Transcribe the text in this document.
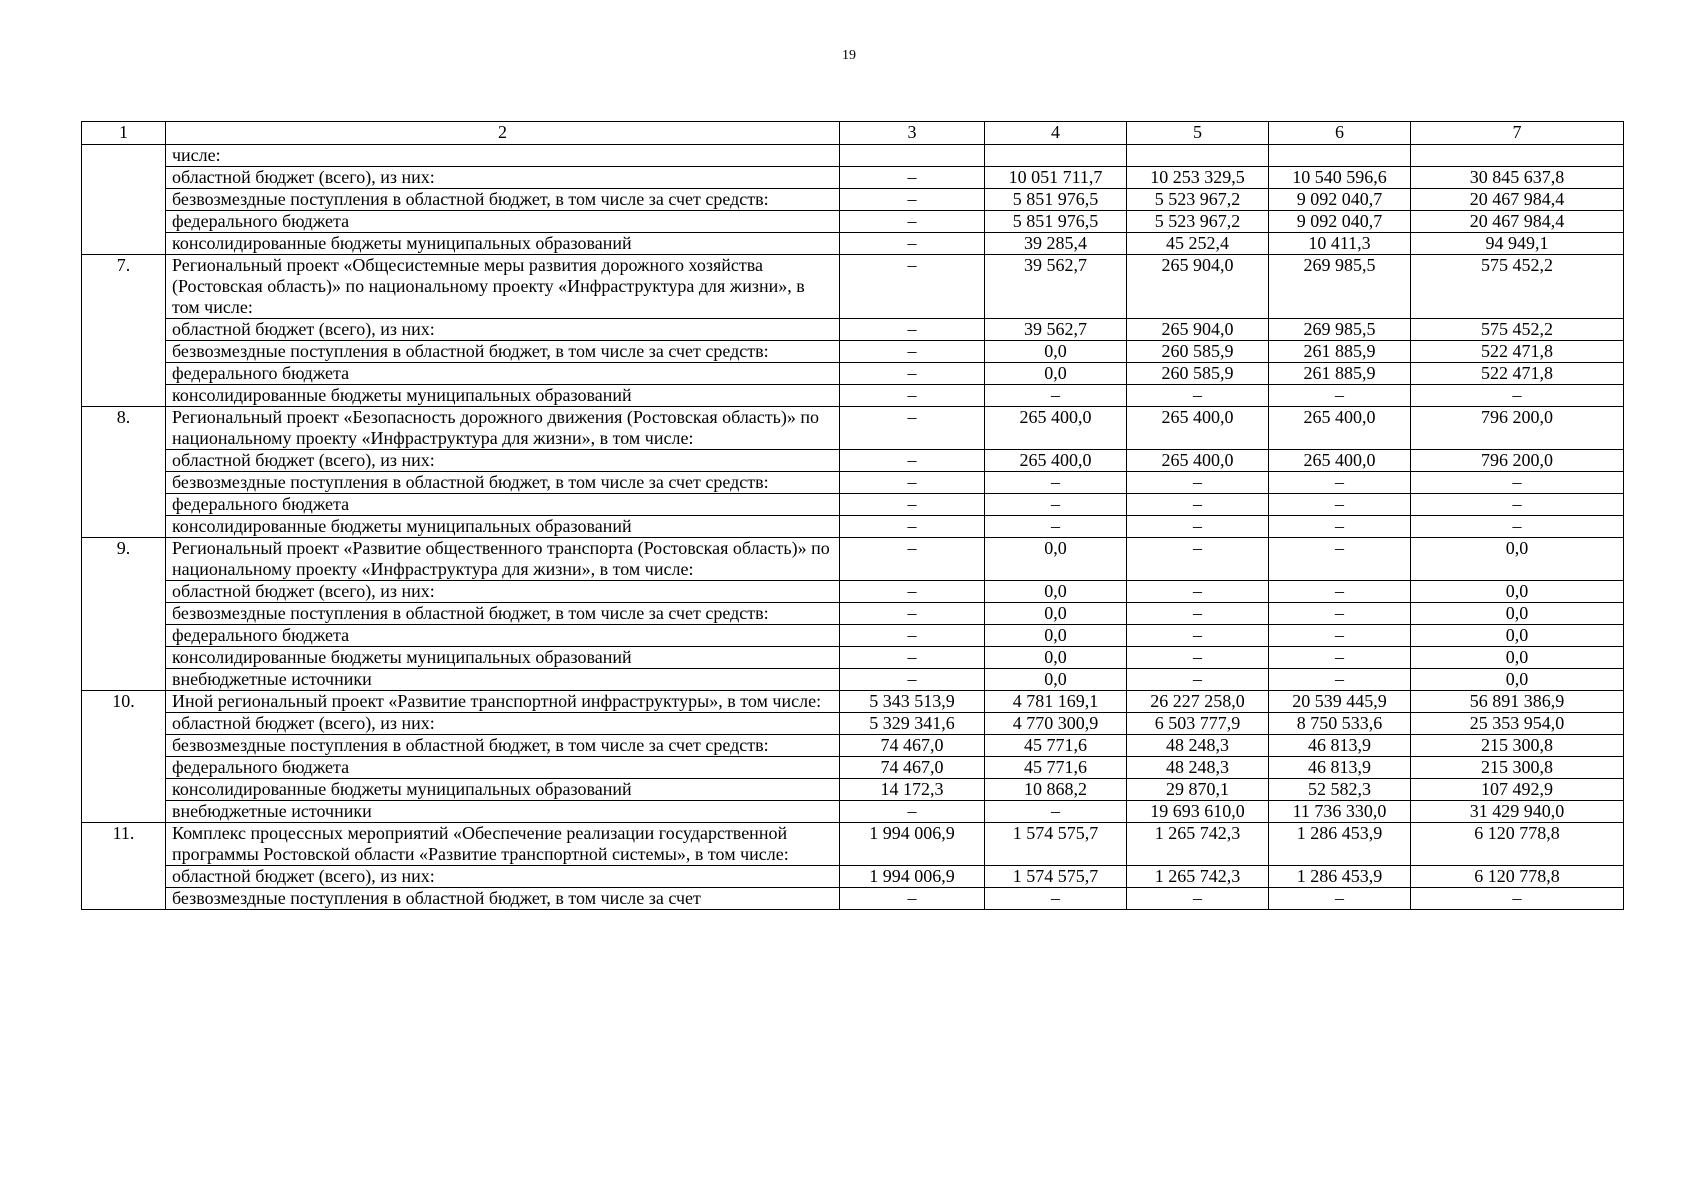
19
1	2	3	4	5	6	7
	числе:					
	областной бюджет (всего), из них:	–	10 051 711,7	10 253 329,5	10 540 596,6	30 845 637,8
	безвозмездные поступления в областной бюджет, в том числе за счет средств:	–	5 851 976,5	5 523 967,2	9 092 040,7	20 467 984,4
	федерального бюджета	–	5 851 976,5	5 523 967,2	9 092 040,7	20 467 984,4
	консолидированные бюджеты муниципальных образований	–	39 285,4	45 252,4	10 411,3	94 949,1
7.	Региональный проект «Общесистемные меры развития дорожного хозяйства (Ростовская область)» по национальному проекту «Инфраструктура для жизни», в том числе:	–	39 562,7	265 904,0	269 985,5	575 452,2
	областной бюджет (всего), из них:	–	39 562,7	265 904,0	269 985,5	575 452,2
	безвозмездные поступления в областной бюджет, в том числе за счет средств:	–	0,0	260 585,9	261 885,9	522 471,8
	федерального бюджета	–	0,0	260 585,9	261 885,9	522 471,8
	консолидированные бюджеты муниципальных образований	–	–	–	–	–
8.	Региональный проект «Безопасность дорожного движения (Ростовская область)» по национальному проекту «Инфраструктура для жизни», в том числе:	–	265 400,0	265 400,0	265 400,0	796 200,0
	областной бюджет (всего), из них:	–	265 400,0	265 400,0	265 400,0	796 200,0
	безвозмездные поступления в областной бюджет, в том числе за счет средств:	–	–	–	–	–
	федерального бюджета	–	–	–	–	–
	консолидированные бюджеты муниципальных образований	–	–	–	–	–
9.	Региональный проект «Развитие общественного транспорта (Ростовская область)» по национальному проекту «Инфраструктура для жизни», в том числе:	–	0,0	–	–	0,0
	областной бюджет (всего), из них:	–	0,0	–	–	0,0
	безвозмездные поступления в областной бюджет, в том числе за счет средств:	–	0,0	–	–	0,0
	федерального бюджета	–	0,0	–	–	0,0
	консолидированные бюджеты муниципальных образований	–	0,0	–	–	0,0
	внебюджетные источники	–	0,0	–	–	0,0
10.	Иной региональный проект «Развитие транспортной инфраструктуры», в том числе:	5 343 513,9	4 781 169,1	26 227 258,0	20 539 445,9	56 891 386,9
	областной бюджет (всего), из них:	5 329 341,6	4 770 300,9	6 503 777,9	8 750 533,6	25 353 954,0
	безвозмездные поступления в областной бюджет, в том числе за счет средств:	74 467,0	45 771,6	48 248,3	46 813,9	215 300,8
	федерального бюджета	74 467,0	45 771,6	48 248,3	46 813,9	215 300,8
	консолидированные бюджеты муниципальных образований	14 172,3	10 868,2	29 870,1	52 582,3	107 492,9
	внебюджетные источники	–	–	19 693 610,0	11 736 330,0	31 429 940,0
11.	Комплекс процессных мероприятий «Обеспечение реализации государственной программы Ростовской области «Развитие транспортной системы», в том числе:	1 994 006,9	1 574 575,7	1 265 742,3	1 286 453,9	6 120 778,8
	областной бюджет (всего), из них:	1 994 006,9	1 574 575,7	1 265 742,3	1 286 453,9	6 120 778,8
	безвозмездные поступления в областной бюджет, в том числе за счет	–	–	–	–	–
